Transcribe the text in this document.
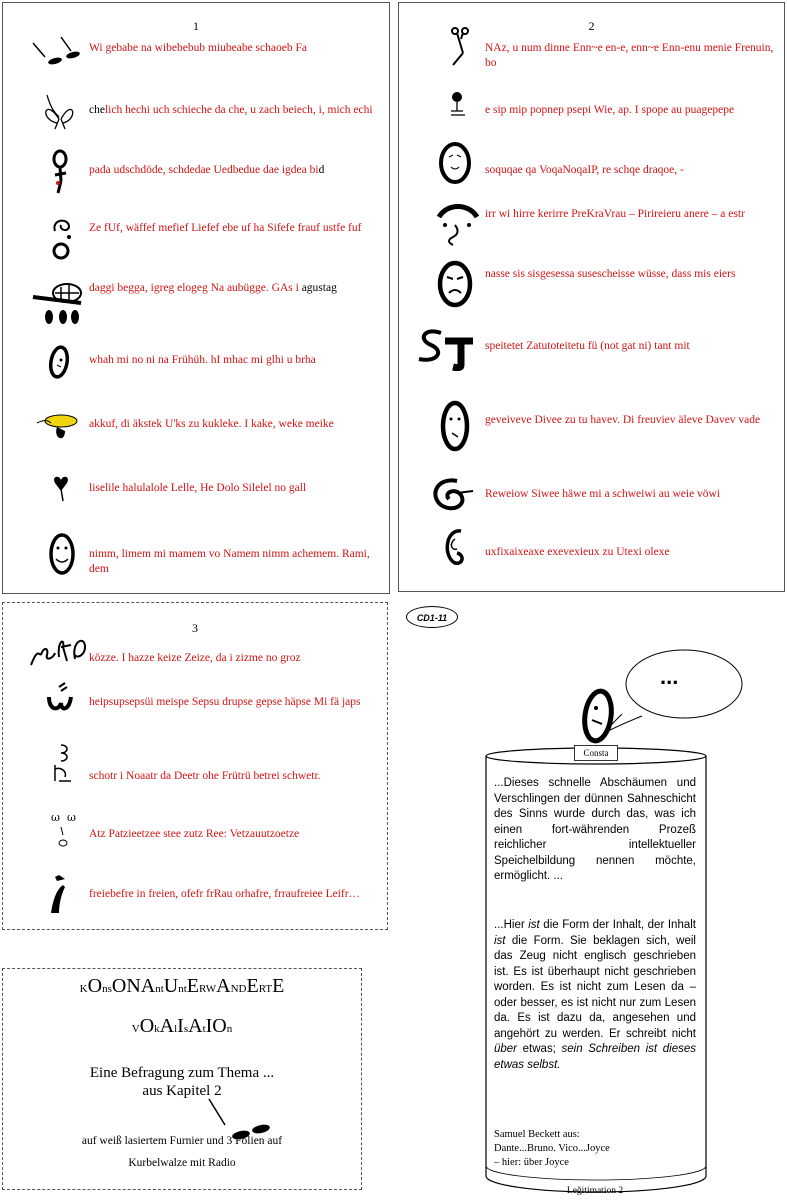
1
Wi gebabe na wibebebub miubeabe schaoeb Fa
chelich hechi uch schieche da che, u zach beiech, i, mich echi
pada udschdöde, schdedae Uedbedue dae igdea bid
Ze fUf, wäffef mefief Liefef ebe uf ha Sifefe frauf ustfe fuf
daggi begga, igreg elogeg Na aubügge. GAs i agustag
whah mi no ni na Frühüh. hI mhac mi glhi u brha
akkuf, di äkstek U'ks zu kukleke. I kake, weke meike
liselile halulalole Lelle, He Dolo Silelel no gall
nimm, limem mi mamem vo Namem nimm achemem. Rami, dem
2
NAz, u num dinne Enn~e en-e, enn~e Enn-enu menie Frenuin, bo
e sip mip popnep psepi Wie, ap. I spope au puagepepe
soquqae qa VoqaNoqaIP, re schqe draqoe, -
irr wi hirre kerirre PreKraVrau – Pirireieru anere – a estr
nasse sis sisgesessa susescheisse wüsse, dass mis eiers
speitetet Zatutoteitetu fü (not gat ni) tant mit
geveiveve Divee zu tu havev. Di freuviev äleve Davev vade
Reweiow Siwee häwe mi a schweiwi au weie vöwi
uxfixaixeaxe exevexieux zu Utexi olexe
CD1-11
3
közze. I hazze keize Zeize, da i zizme no groz
heipsupsepsüi meispe Sepsu drupse gepse häpse Mi fä japs
schotr i Noaatr da Deetr ohe Frütrü betrei schwetr.
ω ω
Atz Patzieetzee stee zutz Ree: Vetzauutzoetze
freiebefre in freien, ofefr frRau orhafre, frraufreiee Leifr…
KOnsONAntUntERWANDERTE
VOkAlIsAtIOn
Eine Befragung zum Thema ...
aus Kapitel 2
auf weiß lasiertem Furnier und 3 Folien auf
Kurbelwalze mit Radio
...
Consta
...Dieses schnelle Abschäumen und Verschlingen der dünnen Sahneschicht des Sinns wurde durch das, was ich einen fort-währenden Prozeß reichlicher intellektueller Speichelbildung nennen möchte, ermöglicht. ...
...Hier ist die Form der Inhalt, der Inhalt ist die Form. Sie beklagen sich, weil das Zeug nicht englisch geschrieben ist. Es ist überhaupt nicht geschrieben worden. Es ist nicht zum Lesen da – oder besser, es ist nicht nur zum Lesen da. Es ist dazu da, angesehen und angehört zu werden. Er schreibt nicht über etwas; sein Schreiben ist dieses etwas selbst.
Samuel Beckett aus:
Dante...Bruno. Vico...Joyce
– hier: über Joyce
Leğitimation 2
